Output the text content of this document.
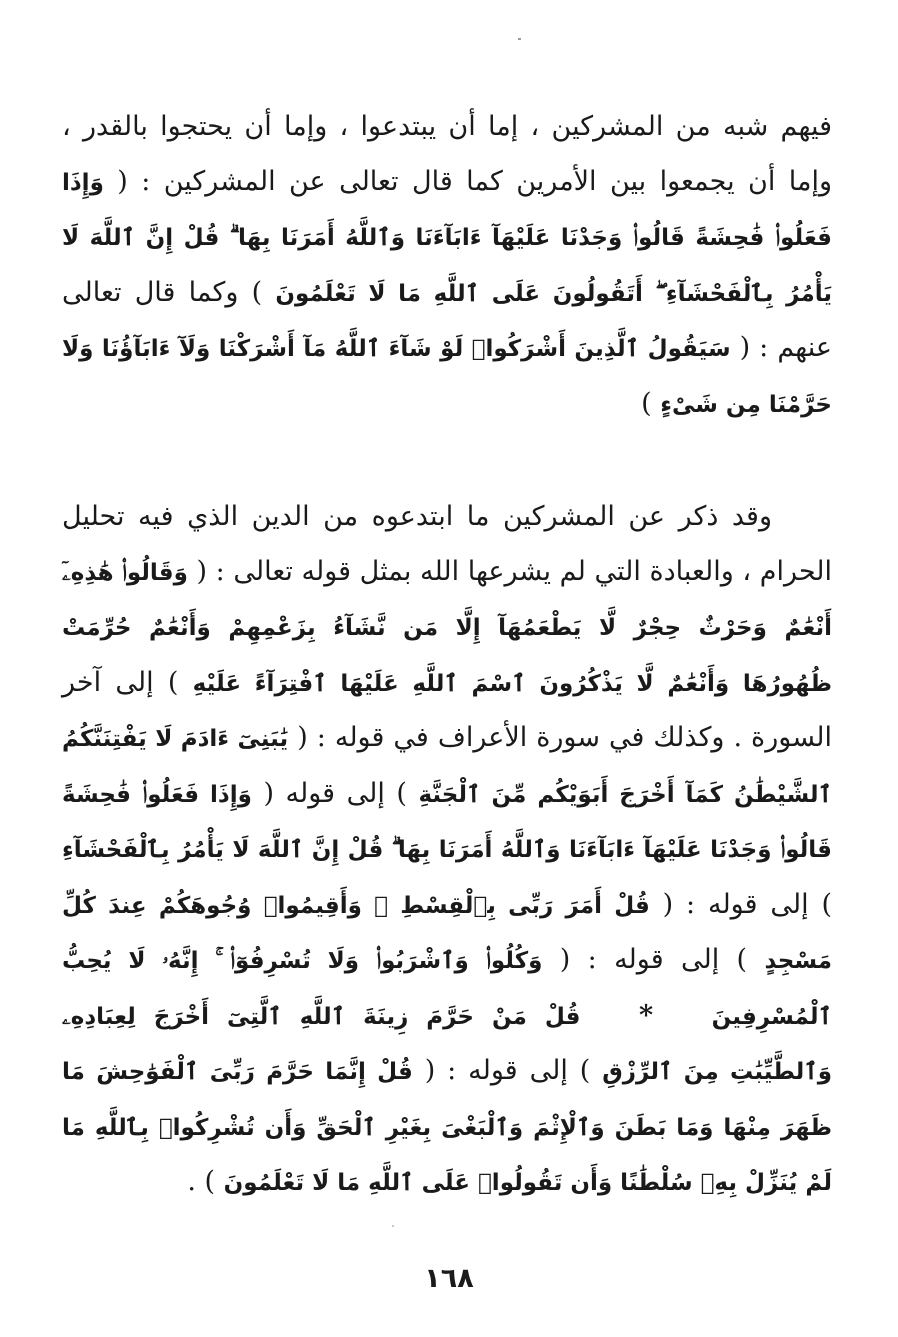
فيهم شبه من المشركين ، إما أن يبتدعوا ، وإما أن يحتجوا بالقدر ، وإما أن يجمعوا بين الأمرين كما قال تعالى عن المشركين : ( وَإِذَا فَعَلُوا۟ فَٰحِشَةً قَالُوا۟ وَجَدْنَا عَلَيْهَآ ءَابَآءَنَا وَٱللَّهُ أَمَرَنَا بِهَا ۗ قُلْ إِنَّ ٱللَّهَ لَا يَأْمُرُ بِٱلْفَحْشَآءِ ۖ أَتَقُولُونَ عَلَى ٱللَّهِ مَا لَا تَعْلَمُونَ ) وكما قال تعالى عنهم : ( سَيَقُولُ ٱلَّذِينَ أَشْرَكُوا۟ لَوْ شَآءَ ٱللَّهُ مَآ أَشْرَكْنَا وَلَآ ءَابَآؤُنَا وَلَا حَرَّمْنَا مِن شَىْءٍ )

وقد ذكر عن المشركين ما ابتدعوه من الدين الذي فيه تحليل الحرام ، والعبادة التي لم يشرعها الله بمثل قوله تعالى : ( وَقَالُوا۟ هَٰذِهِۦٓ أَنْعَٰمٌ وَحَرْثٌ حِجْرٌ لَّا يَطْعَمُهَآ إِلَّا مَن نَّشَآءُ بِزَعْمِهِمْ وَأَنْعَٰمٌ حُرِّمَتْ ظُهُورُهَا وَأَنْعَٰمٌ لَّا يَذْكُرُونَ ٱسْمَ ٱللَّهِ عَلَيْهَا ٱفْتِرَآءً عَلَيْهِ ) إلى آخر السورة . وكذلك في سورة الأعراف في قوله : ( يَٰبَنِىٓ ءَادَمَ لَا يَفْتِنَنَّكُمُ ٱلشَّيْطَٰنُ كَمَآ أَخْرَجَ أَبَوَيْكُم مِّنَ ٱلْجَنَّةِ ) إلى قوله ( وَإِذَا فَعَلُوا۟ فَٰحِشَةً قَالُوا۟ وَجَدْنَا عَلَيْهَآ ءَابَآءَنَا وَٱللَّهُ أَمَرَنَا بِهَا ۗ قُلْ إِنَّ ٱللَّهَ لَا يَأْمُرُ بِٱلْفَحْشَآءِ ) إلى قوله : ( قُلْ أَمَرَ رَبِّى بِٱلْقِسْطِ ۖ وَأَقِيمُوا۟ وُجُوهَكُمْ عِندَ كُلِّ مَسْجِدٍ ) إلى قوله : ( وَكُلُوا۟ وَٱشْرَبُوا۟ وَلَا تُسْرِفُوٓا۟ ۚ إِنَّهُۥ لَا يُحِبُّ ٱلْمُسْرِفِينَ * قُلْ مَنْ حَرَّمَ زِينَةَ ٱللَّهِ ٱلَّتِىٓ أَخْرَجَ لِعِبَادِهِۦ وَٱلطَّيِّبَٰتِ مِنَ ٱلرِّزْقِ ) إلى قوله : ( قُلْ إِنَّمَا حَرَّمَ رَبِّىَ ٱلْفَوَٰحِشَ مَا ظَهَرَ مِنْهَا وَمَا بَطَنَ وَٱلْإِثْمَ وَٱلْبَغْىَ بِغَيْرِ ٱلْحَقِّ وَأَن تُشْرِكُوا۟ بِٱللَّهِ مَا لَمْ يُنَزِّلْ بِهِۦ سُلْطَٰنًا وَأَن تَقُولُوا۟ عَلَى ٱللَّهِ مَا لَا تَعْلَمُونَ ) .

١٦٨
